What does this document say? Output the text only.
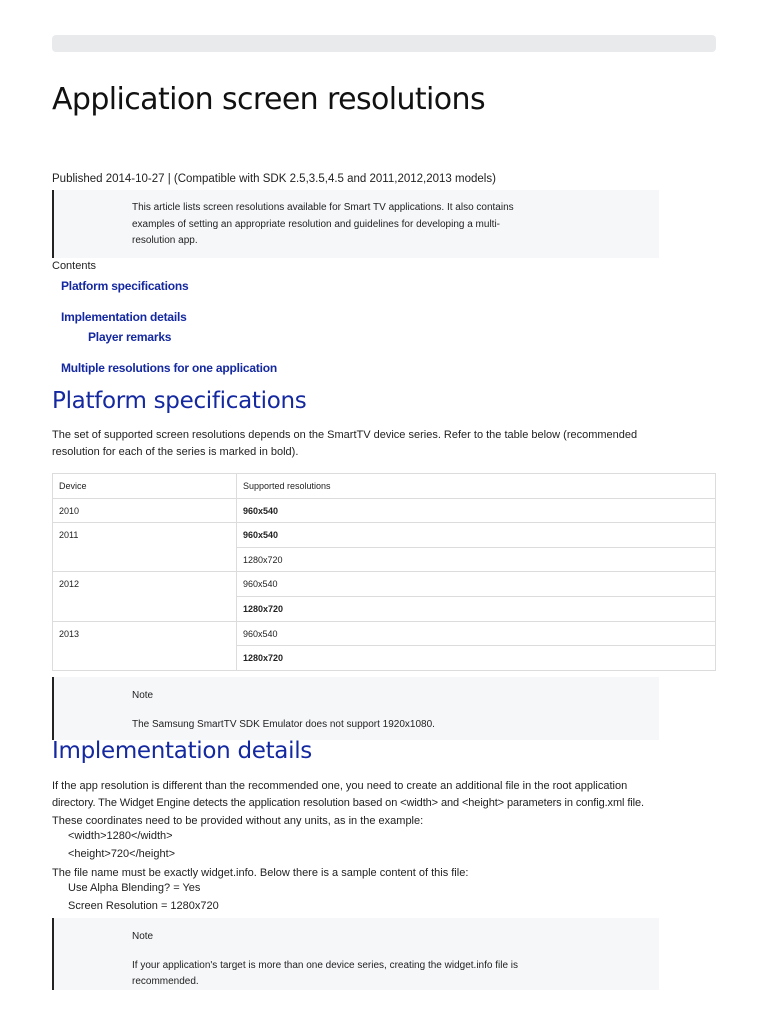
Application screen resolutions
Published 2014-10-27 | (Compatible with SDK 2.5,3.5,4.5 and 2011,2012,2013 models)
This article lists screen resolutions available for Smart TV applications. It also contains
examples of setting an appropriate resolution and guidelines for developing a multi-
resolution app.
Contents
Platform specifications
Implementation details
Player remarks
Multiple resolutions for one application
Platform specifications
The set of supported screen resolutions depends on the SmartTV device series. Refer to the table below (recommended
resolution for each of the series is marked in bold).
Device	Supported resolutions
2010	960x540
2011	960x540
	1280x720
2012	960x540
	1280x720
2013	960x540
	1280x720
Note
The Samsung SmartTV SDK Emulator does not support 1920x1080.
Implementation details
If the app resolution is different than the recommended one, you need to create an additional file in the root application
directory. The Widget Engine detects the application resolution based on <width> and <height> parameters in config.xml file.
These coordinates need to be provided without any units, as in the example:
<width>1280</width>
<height>720</height>
The file name must be exactly widget.info. Below there is a sample content of this file:
Use Alpha Blending? = Yes
Screen Resolution = 1280x720
Note
If your application's target is more than one device series, creating the widget.info file is
recommended.
